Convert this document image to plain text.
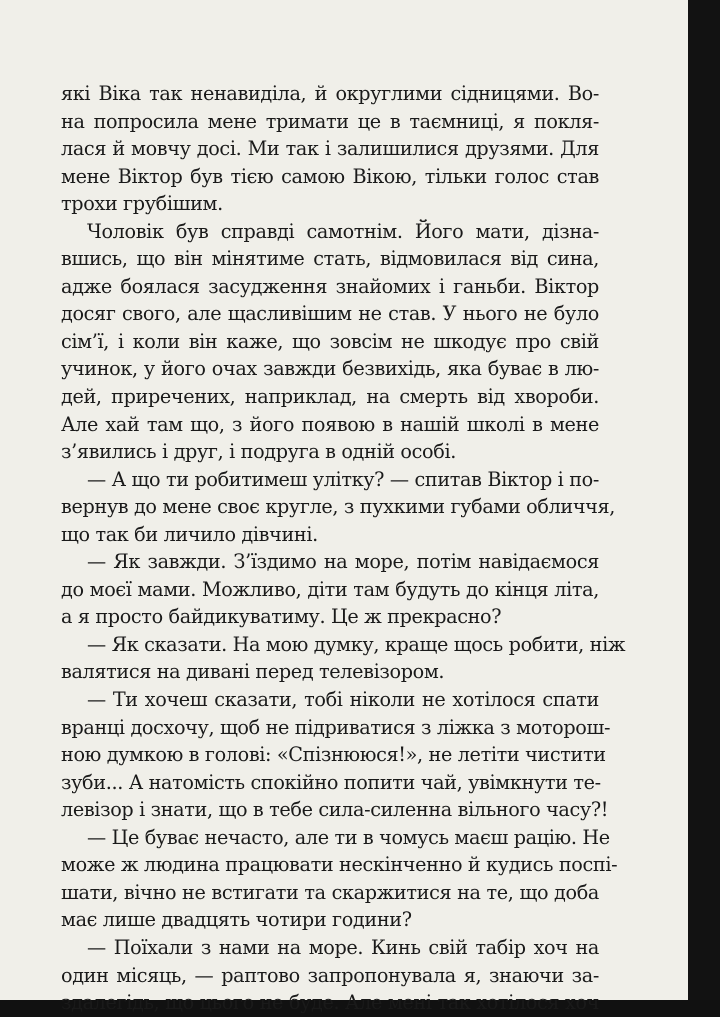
які Віка так ненавиділа, й округлими сідницями. Во-
на попросила мене тримати це в таємниці, я покля-
лася й мовчу досі. Ми так і залишилися друзями. Для
мене Віктор був тією самою Вікою, тільки голос став
трохи грубішим.
Чоловік був справді самотнім. Його мати, дізна-
вшись, що він мінятиме стать, відмовилася від сина,
адже боялася засудження знайомих і ганьби. Віктор
досяг свого, але щасливішим не став. У нього не було
сім’ї, і коли він каже, що зовсім не шкодує про свій
учинок, у його очах завжди безвихідь, яка буває в лю-
дей, приречених, наприклад, на смерть від хвороби.
Але хай там що, з його появою в нашій школі в мене
з’явились і друг, і подруга в одній особі.
— А що ти робитимеш улітку? — спитав Віктор і по-
вернув до мене своє кругле, з пухкими губами обличчя,
що так би личило дівчині.
— Як завжди. З’їздимо на море, потім навідаємося
до моєї мами. Можливо, діти там будуть до кінця літа,
а я просто байдикуватиму. Це ж прекрасно?
— Як сказати. На мою думку, краще щось робити, ніж
валятися на дивані перед телевізором.
— Ти хочеш сказати, тобі ніколи не хотілося спати
вранці досхочу, щоб не підриватися з ліжка з моторош-
ною думкою в голові: «Спізнююся!», не летіти чистити
зуби... А натомість спокійно попити чай, увімкнути те-
левізор і знати, що в тебе сила-силенна вільного часу?!
— Це буває нечасто, але ти в чомусь маєш рацію. Не
може ж людина працювати нескінченно й кудись поспі-
шати, вічно не встигати та скаржитися на те, що доба
має лише двадцять чотири години?
— Поїхали з нами на море. Кинь свій табір хоч на
один місяць, — раптово запропонувала я, знаючи за-
здалегідь, що цього не буде. Але мені так хотілося хоч
